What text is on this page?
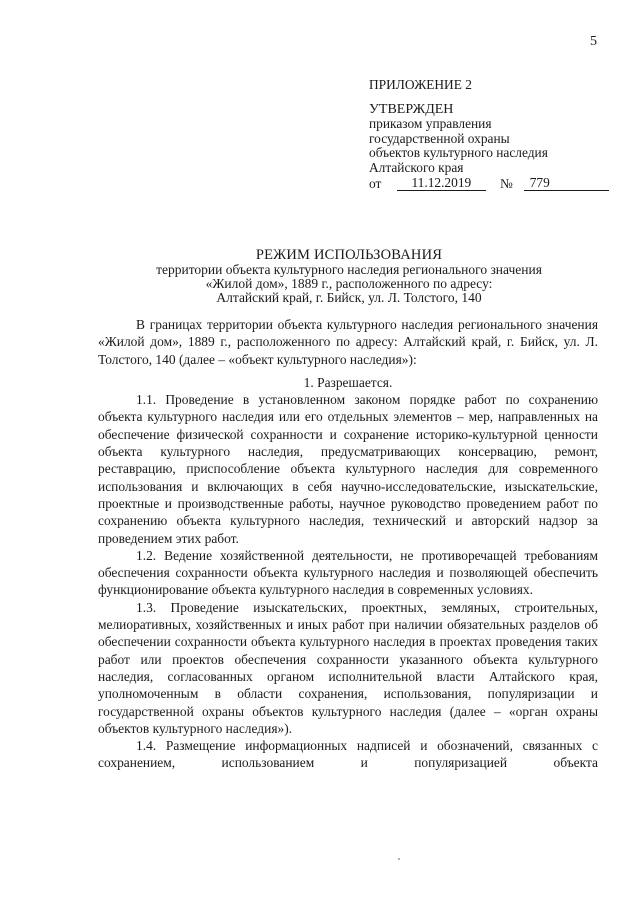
5
ПРИЛОЖЕНИЕ 2
УТВЕРЖДЕН
приказом управления
государственной охраны
объектов культурного наследия
Алтайского края
от	11.12.2019	№	779
РЕЖИМ ИСПОЛЬЗОВАНИЯ
территории объекта культурного наследия регионального значения
«Жилой дом», 1889 г., расположенного по адресу:
Алтайский край, г. Бийск, ул. Л. Толстого, 140

В границах территории объекта культурного наследия регионального значения «Жилой дом», 1889 г., расположенного по адресу: Алтайский край, г. Бийск, ул. Л. Толстого, 140 (далее – «объект культурного наследия»):

1. Разрешается.

1.1. Проведение в установленном законом порядке работ по сохранению объекта культурного наследия или его отдельных элементов – мер, направленных на обеспечение физической сохранности и сохранение историко-культурной ценности объекта культурного наследия, предусматривающих консервацию, ремонт, реставрацию, приспособление объекта культурного наследия для современного использования и включающих в себя научно-исследовательские, изыскательские, проектные и производственные работы, научное руководство проведением работ по сохранению объекта культурного наследия, технический и авторский надзор за проведением этих работ.

1.2. Ведение хозяйственной деятельности, не противоречащей требованиям обеспечения сохранности объекта культурного наследия и позволяющей обеспечить функционирование объекта культурного наследия в современных условиях.

1.3. Проведение изыскательских, проектных, земляных, строительных, мелиоративных, хозяйственных и иных работ при наличии обязательных разделов об обеспечении сохранности объекта культурного наследия в проектах проведения таких работ или проектов обеспечения сохранности указанного объекта культурного наследия, согласованных органом исполнительной власти Алтайского края, уполномоченным в области сохранения, использования, популяризации и государственной охраны объектов культурного наследия (далее – «орган охраны объектов культурного наследия»).

1.4. Размещение информационных надписей и обозначений, связанных с сохранением, использованием и популяризацией объекта
